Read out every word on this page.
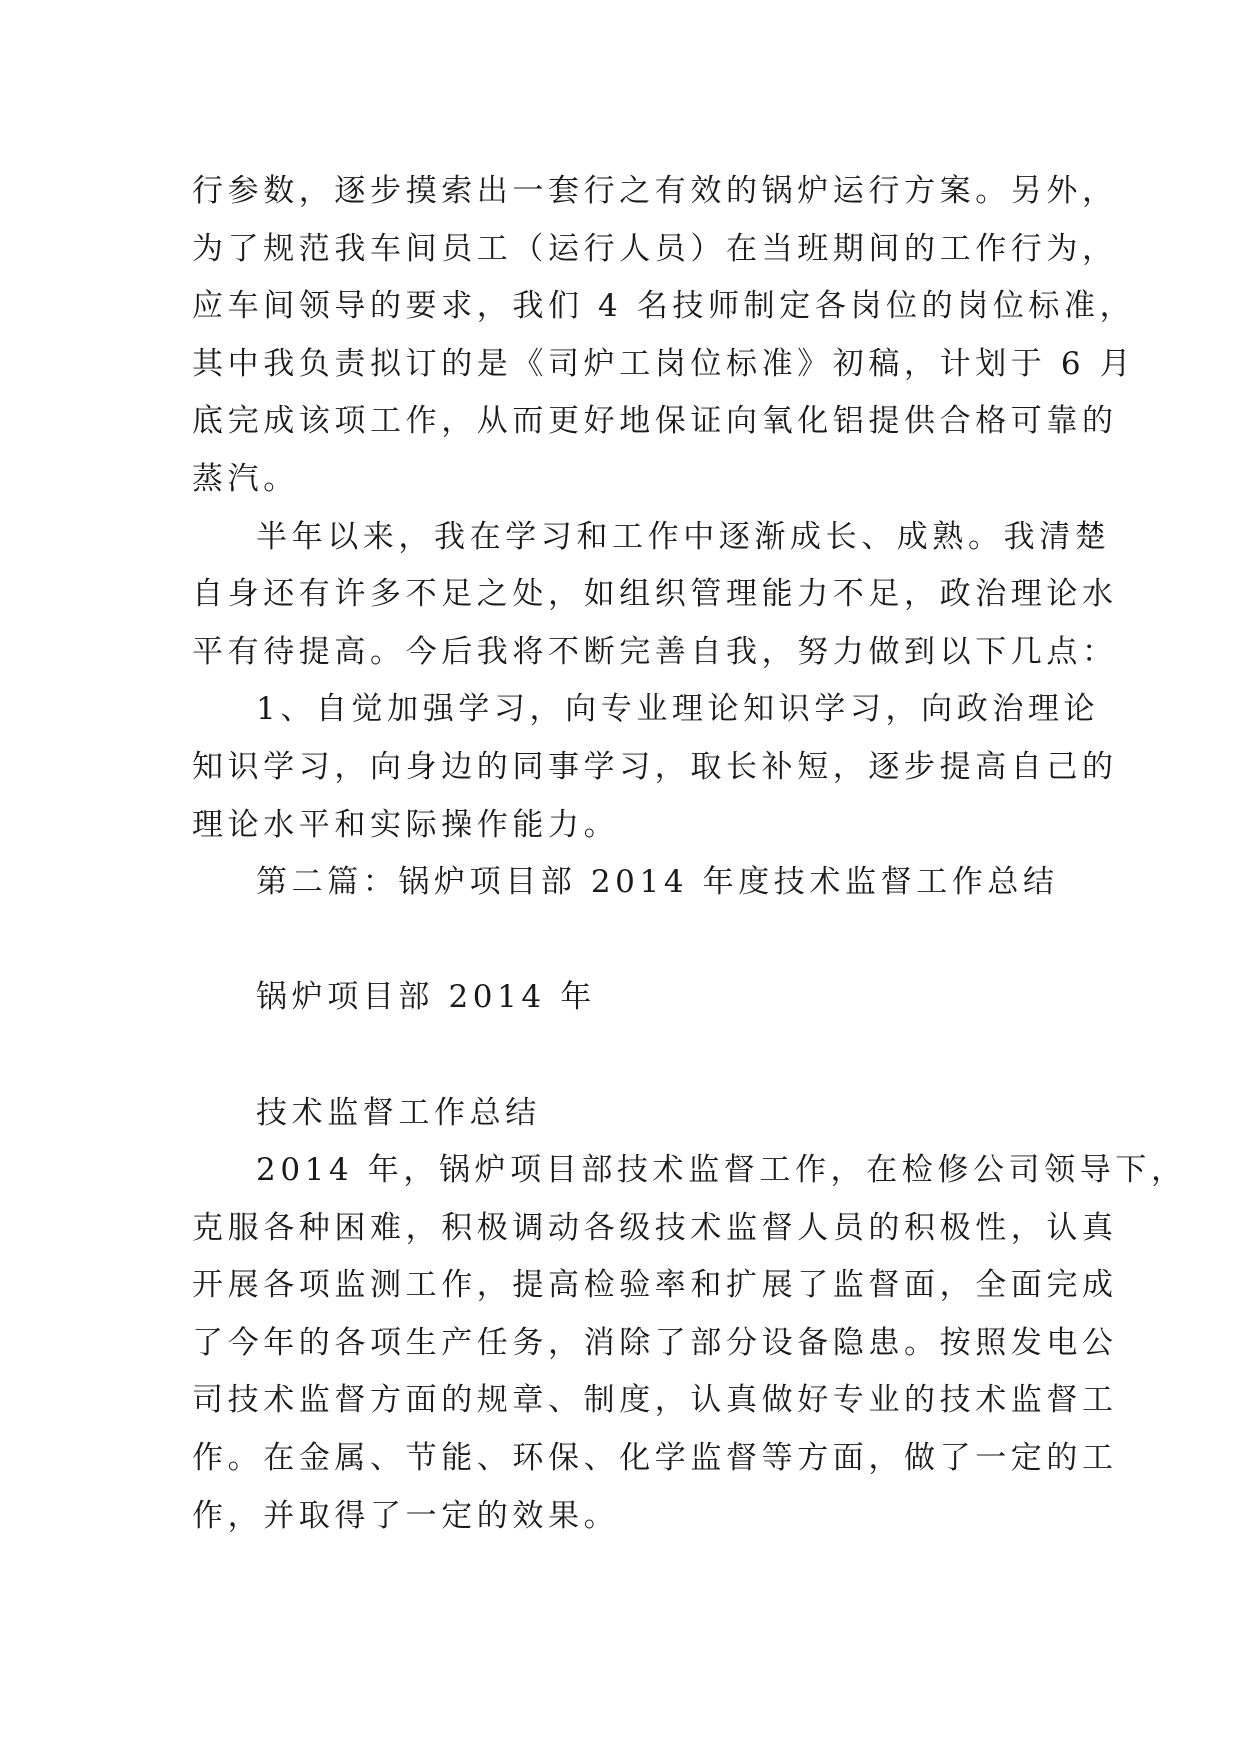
行参数，逐步摸索出一套行之有效的锅炉运行方案。另外，

为了规范我车间员工（运行人员）在当班期间的工作行为，

应车间领导的要求，我们 4 名技师制定各岗位的岗位标准，

其中我负责拟订的是《司炉工岗位标准》初稿，计划于 6 月

底完成该项工作，从而更好地保证向氧化铝提供合格可靠的

蒸汽。

半年以来，我在学习和工作中逐渐成长、成熟。我清楚

自身还有许多不足之处，如组织管理能力不足，政治理论水

平有待提高。今后我将不断完善自我，努力做到以下几点：

1、自觉加强学习，向专业理论知识学习，向政治理论

知识学习，向身边的同事学习，取长补短，逐步提高自己的

理论水平和实际操作能力。

第二篇：锅炉项目部 2014 年度技术监督工作总结

锅炉项目部 2014 年

技术监督工作总结

2014 年，锅炉项目部技术监督工作，在检修公司领导下，

克服各种困难，积极调动各级技术监督人员的积极性，认真

开展各项监测工作，提高检验率和扩展了监督面，全面完成

了今年的各项生产任务，消除了部分设备隐患。按照发电公

司技术监督方面的规章、制度，认真做好专业的技术监督工

作。在金属、节能、环保、化学监督等方面，做了一定的工

作，并取得了一定的效果。
